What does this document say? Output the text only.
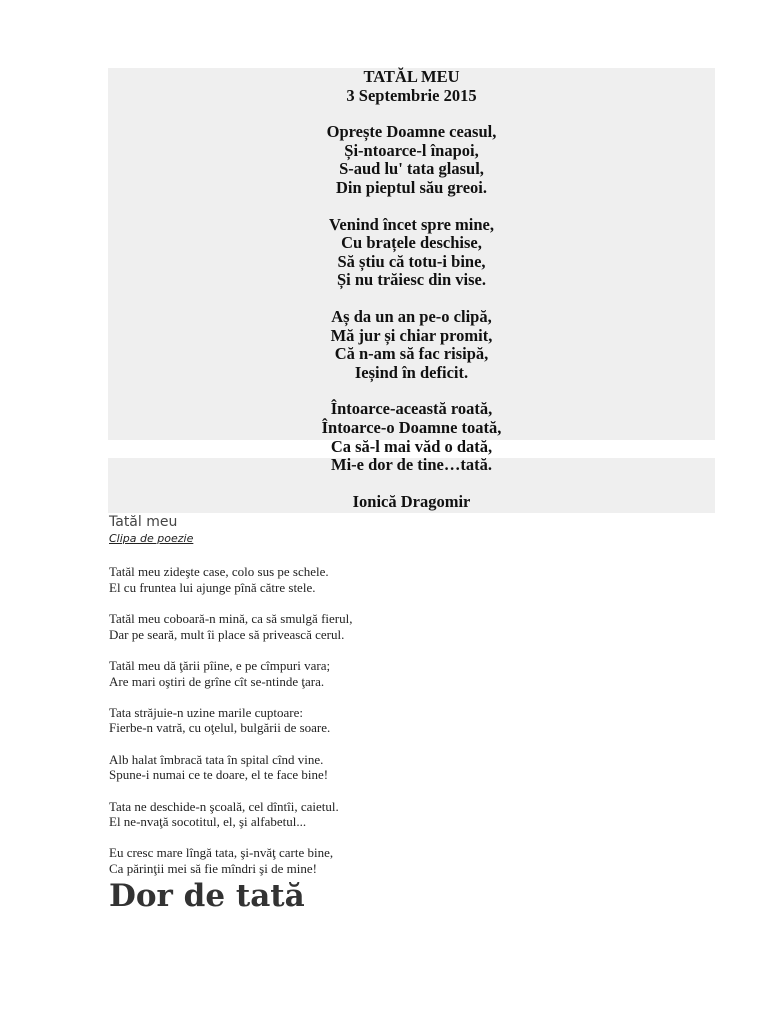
TATĂL MEU
3 Septembrie 2015
Oprește Doamne ceasul,
Și-ntoarce-l înapoi,
S-aud lu' tata glasul,
Din pieptul său greoi.
Venind încet spre mine,
Cu brațele deschise,
Să știu că totu-i bine,
Și nu trăiesc din vise.
Aș da un an pe-o clipă,
Mă jur și chiar promit,
Că n-am să fac risipă,
Ieșind în deficit.
Întoarce-această roată,
Întoarce-o Doamne toată,
Ca să-l mai văd o dată,
Mi-e dor de tine…tată.
Ionică Dragomir
Tatăl meu
Clipa de poezie
Tatăl meu zideşte case, colo sus pe schele.
El cu fruntea lui ajunge pînă către stele.
Tatăl meu coboară-n mină, ca să smulgă fierul,
Dar pe seară, mult îi place să privească cerul.
Tatăl meu dă ţării pîine, e pe cîmpuri vara;
Are mari oştiri de grîne cît se-ntinde ţara.
Tata străjuie-n uzine marile cuptoare:
Fierbe-n vatră, cu oţelul, bulgării de soare.
Alb halat îmbracă tata în spital cînd vine.
Spune-i numai ce te doare, el te face bine!
Tata ne deschide-n şcoală, cel dîntîi, caietul.
El ne-nvaţă socotitul, el, şi alfabetul...
Eu cresc mare lîngă tata, şi-nvăţ carte bine,
Ca părinţii mei să fie mîndri şi de mine!
Dor de tată
